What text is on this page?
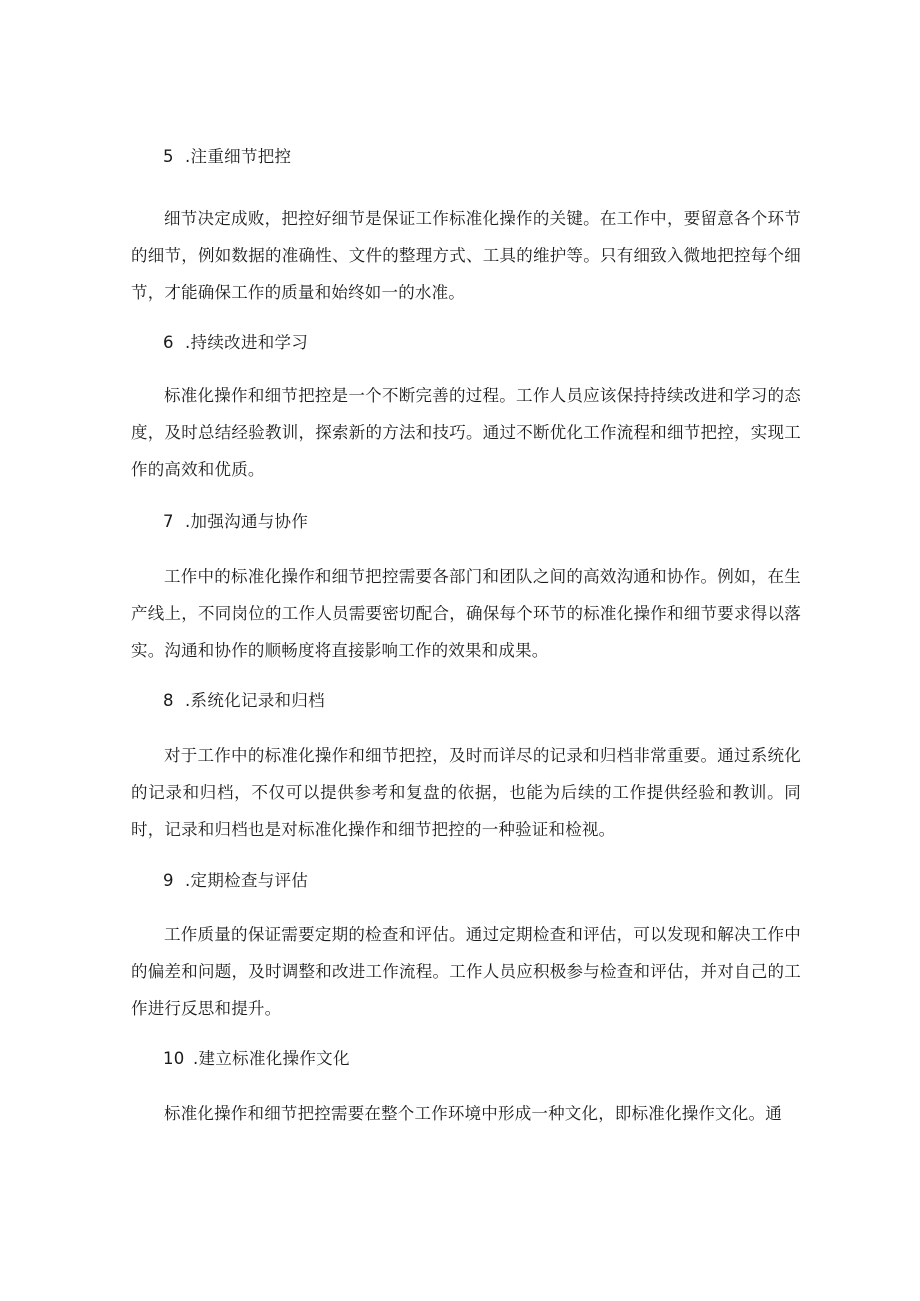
5 .注重细节把控
细节决定成败，把控好细节是保证工作标准化操作的关键。在工作中，要留意各个环节的细节，例如数据的准确性、文件的整理方式、工具的维护等。只有细致入微地把控每个细节，才能确保工作的质量和始终如一的水准。
6 .持续改进和学习
标准化操作和细节把控是一个不断完善的过程。工作人员应该保持持续改进和学习的态度，及时总结经验教训，探索新的方法和技巧。通过不断优化工作流程和细节把控，实现工作的高效和优质。
7 .加强沟通与协作
工作中的标准化操作和细节把控需要各部门和团队之间的高效沟通和协作。例如，在生产线上，不同岗位的工作人员需要密切配合，确保每个环节的标准化操作和细节要求得以落实。沟通和协作的顺畅度将直接影响工作的效果和成果。
8 .系统化记录和归档
对于工作中的标准化操作和细节把控，及时而详尽的记录和归档非常重要。通过系统化的记录和归档，不仅可以提供参考和复盘的依据，也能为后续的工作提供经验和教训。同时，记录和归档也是对标准化操作和细节把控的一种验证和检视。
9 .定期检查与评估
工作质量的保证需要定期的检查和评估。通过定期检查和评估，可以发现和解决工作中的偏差和问题，及时调整和改进工作流程。工作人员应积极参与检查和评估，并对自己的工作进行反思和提升。
10 .建立标准化操作文化
标准化操作和细节把控需要在整个工作环境中形成一种文化，即标准化操作文化。通
